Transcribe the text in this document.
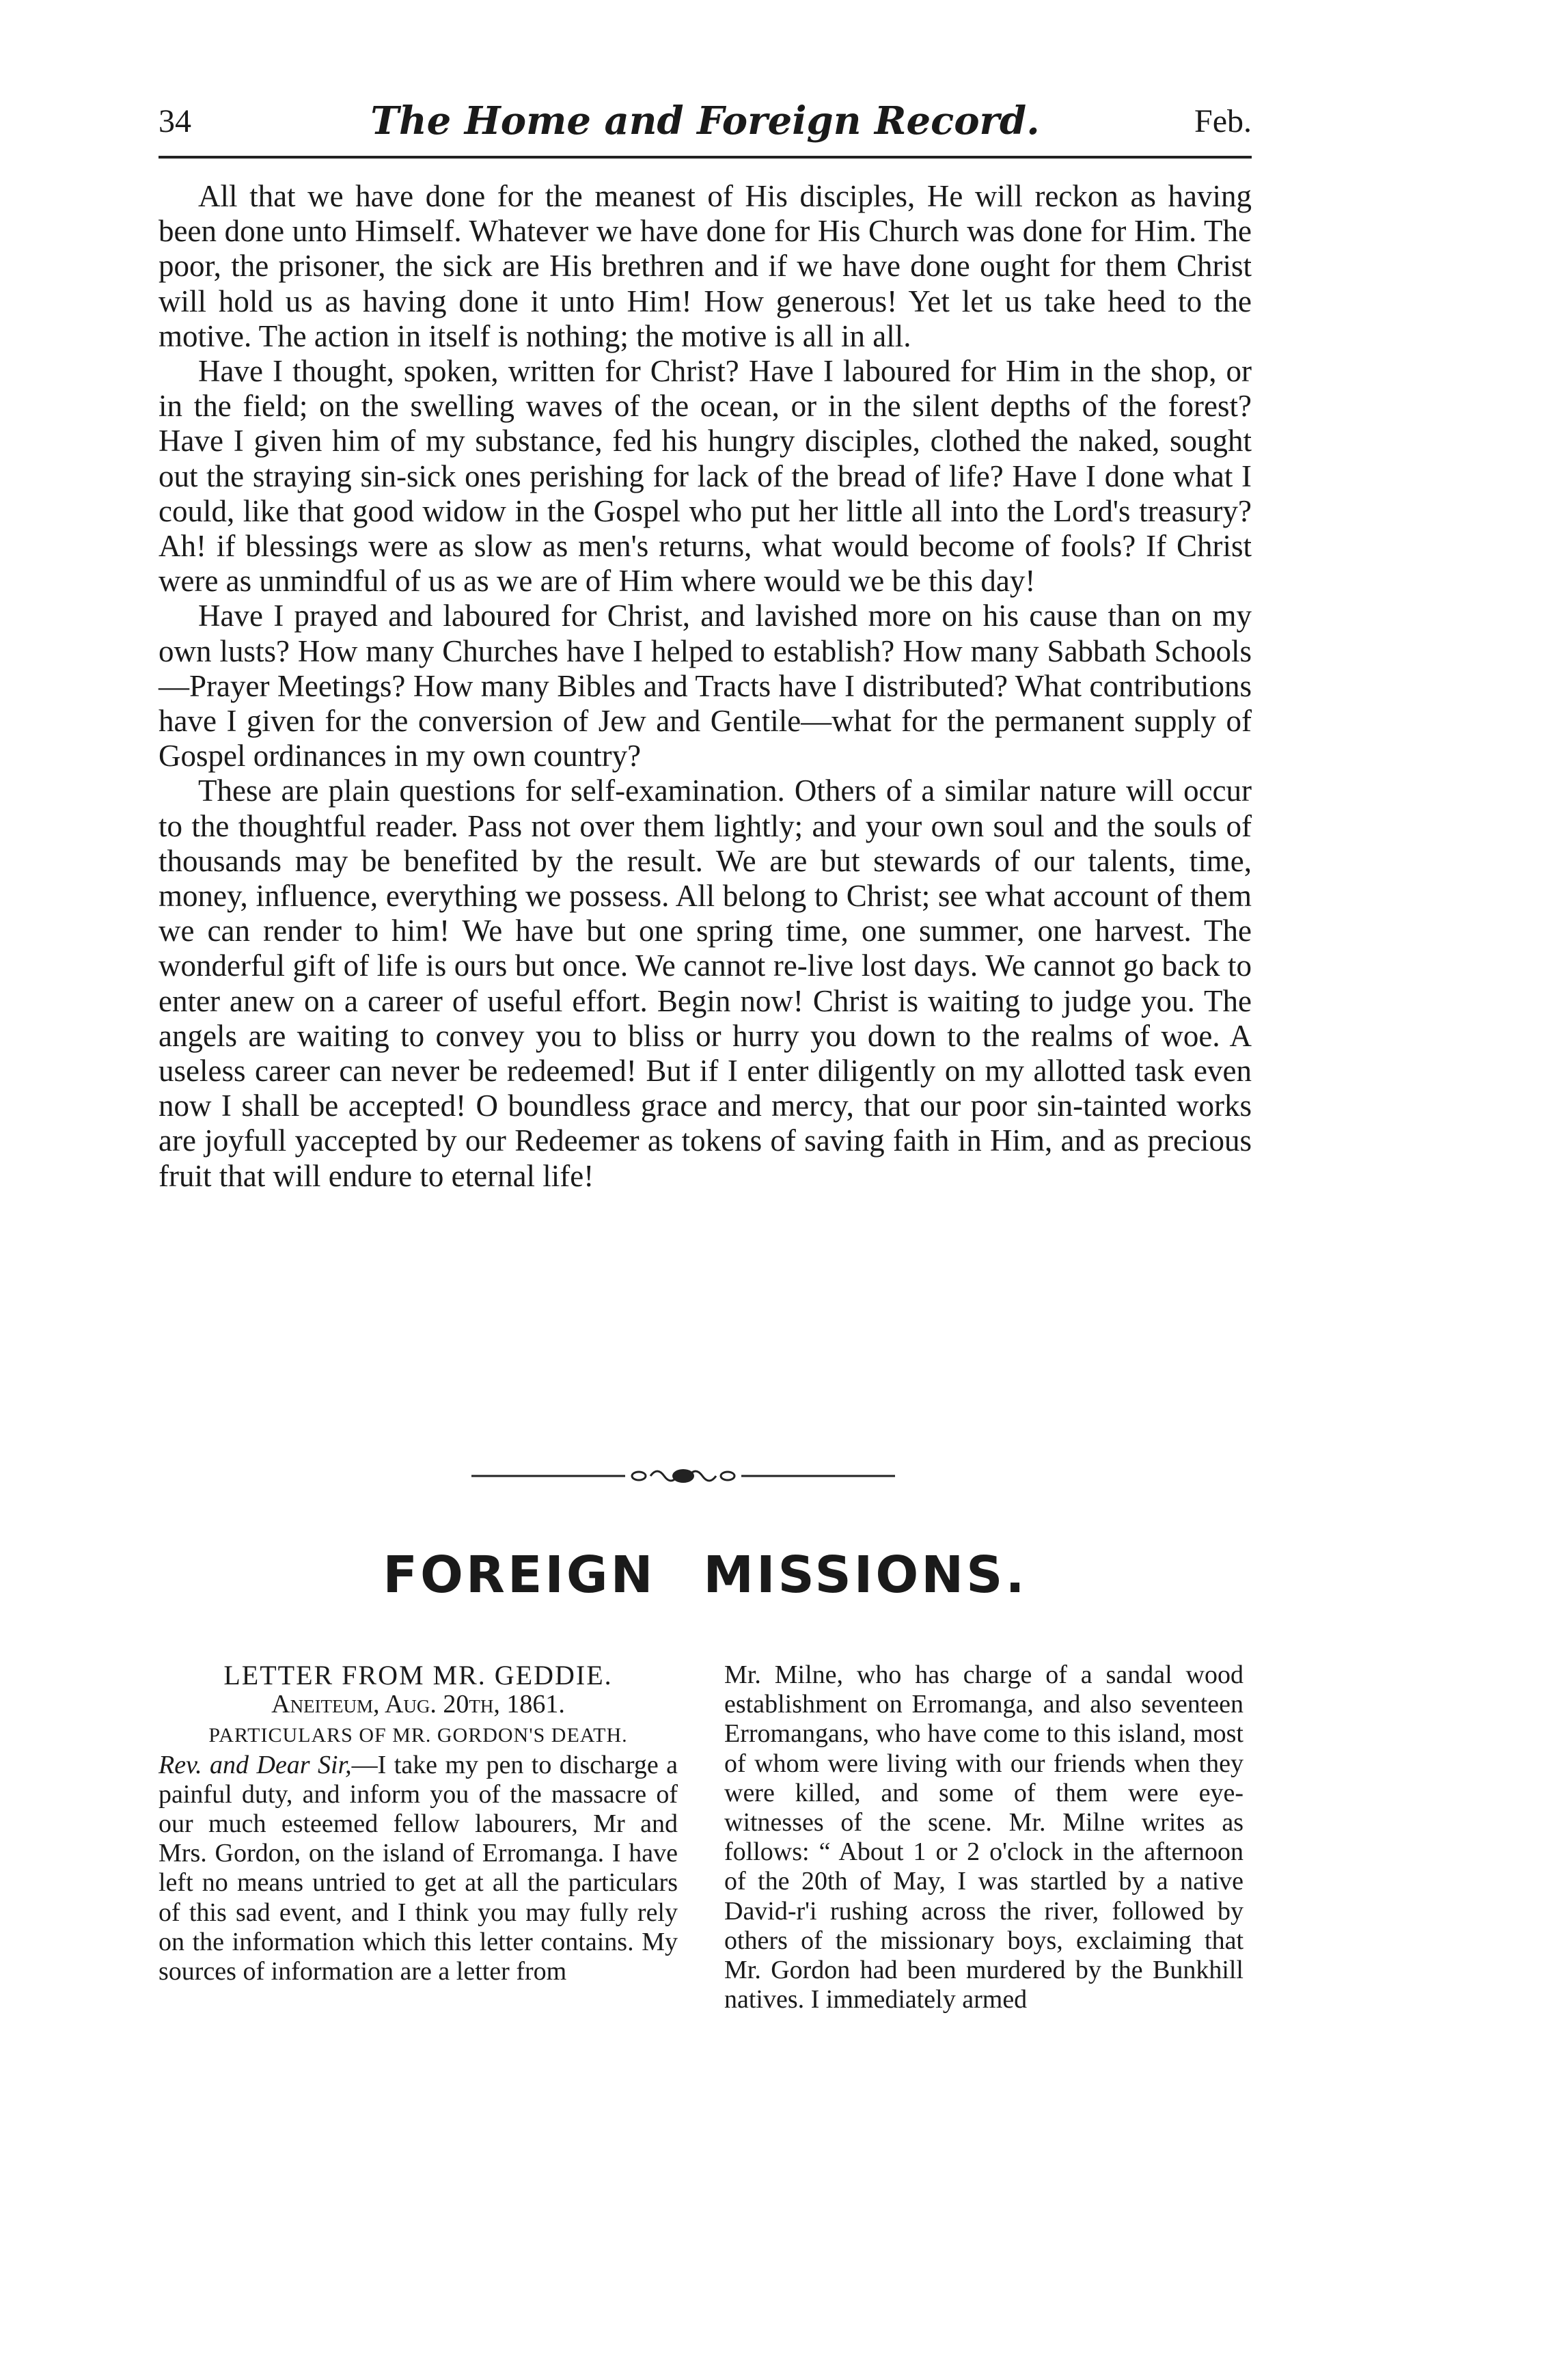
34	The Home and Foreign Record.	Feb.

All that we have done for the meanest of His disciples, He will reckon as having been done unto Himself. Whatever we have done for His Church was done for Him. The poor, the prisoner, the sick are His brethren and if we have done ought for them Christ will hold us as having done it unto Him! How generous! Yet let us take heed to the motive. The action in itself is nothing; the motive is all in all.

Have I thought, spoken, written for Christ? Have I laboured for Him in the shop, or in the field; on the swelling waves of the ocean, or in the silent depths of the forest? Have I given him of my substance, fed his hungry disciples, clothed the naked, sought out the straying sin-sick ones perishing for lack of the bread of life? Have I done what I could, like that good widow in the Gospel who put her little all into the Lord's treasury? Ah! if blessings were as slow as men's returns, what would become of fools? If Christ were as unmindful of us as we are of Him where would we be this day!

Have I prayed and laboured for Christ, and lavished more on his cause than on my own lusts? How many Churches have I helped to establish? How many Sabbath Schools—Prayer Meetings? How many Bibles and Tracts have I distributed? What contributions have I given for the conversion of Jew and Gentile—what for the permanent supply of Gospel ordinances in my own country?

These are plain questions for self-examination. Others of a similar nature will occur to the thoughtful reader. Pass not over them lightly; and your own soul and the souls of thousands may be benefited by the result. We are but stewards of our talents, time, money, influence, everything we possess. All belong to Christ; see what account of them we can render to him! We have but one spring time, one summer, one harvest. The wonderful gift of life is ours but once. We cannot re-live lost days. We cannot go back to enter anew on a career of useful effort. Begin now! Christ is waiting to judge you. The angels are waiting to convey you to bliss or hurry you down to the realms of woe. A useless career can never be redeemed! But if I enter diligently on my allotted task even now I shall be accepted! O boundless grace and mercy, that our poor sin-tainted works are joyfull yaccepted by our Redeemer as tokens of saving faith in Him, and as precious fruit that will endure to eternal life!

FOREIGN MISSIONS.
LETTER FROM MR. GEDDIE.
Aneiteum, Aug. 20th, 1861.
PARTICULARS OF MR. GORDON'S DEATH.

Rev. and Dear Sir,—I take my pen to discharge a painful duty, and inform you of the massacre of our much esteemed fellow labourers, Mr and Mrs. Gordon, on the island of Erromanga. I have left no means untried to get at all the particulars of this sad event, and I think you may fully rely on the information which this letter contains. My sources of information are a letter from

Mr. Milne, who has charge of a sandal wood establishment on Erromanga, and also seventeen Erromangans, who have come to this island, most of whom were living with our friends when they were killed, and some of them were eye-witnesses of the scene. Mr. Milne writes as follows: “ About 1 or 2 o'clock in the afternoon of the 20th of May, I was startled by a native David-r'i rushing across the river, followed by others of the missionary boys, exclaiming that Mr. Gordon had been murdered by the Bunkhill natives. I immediately armed
